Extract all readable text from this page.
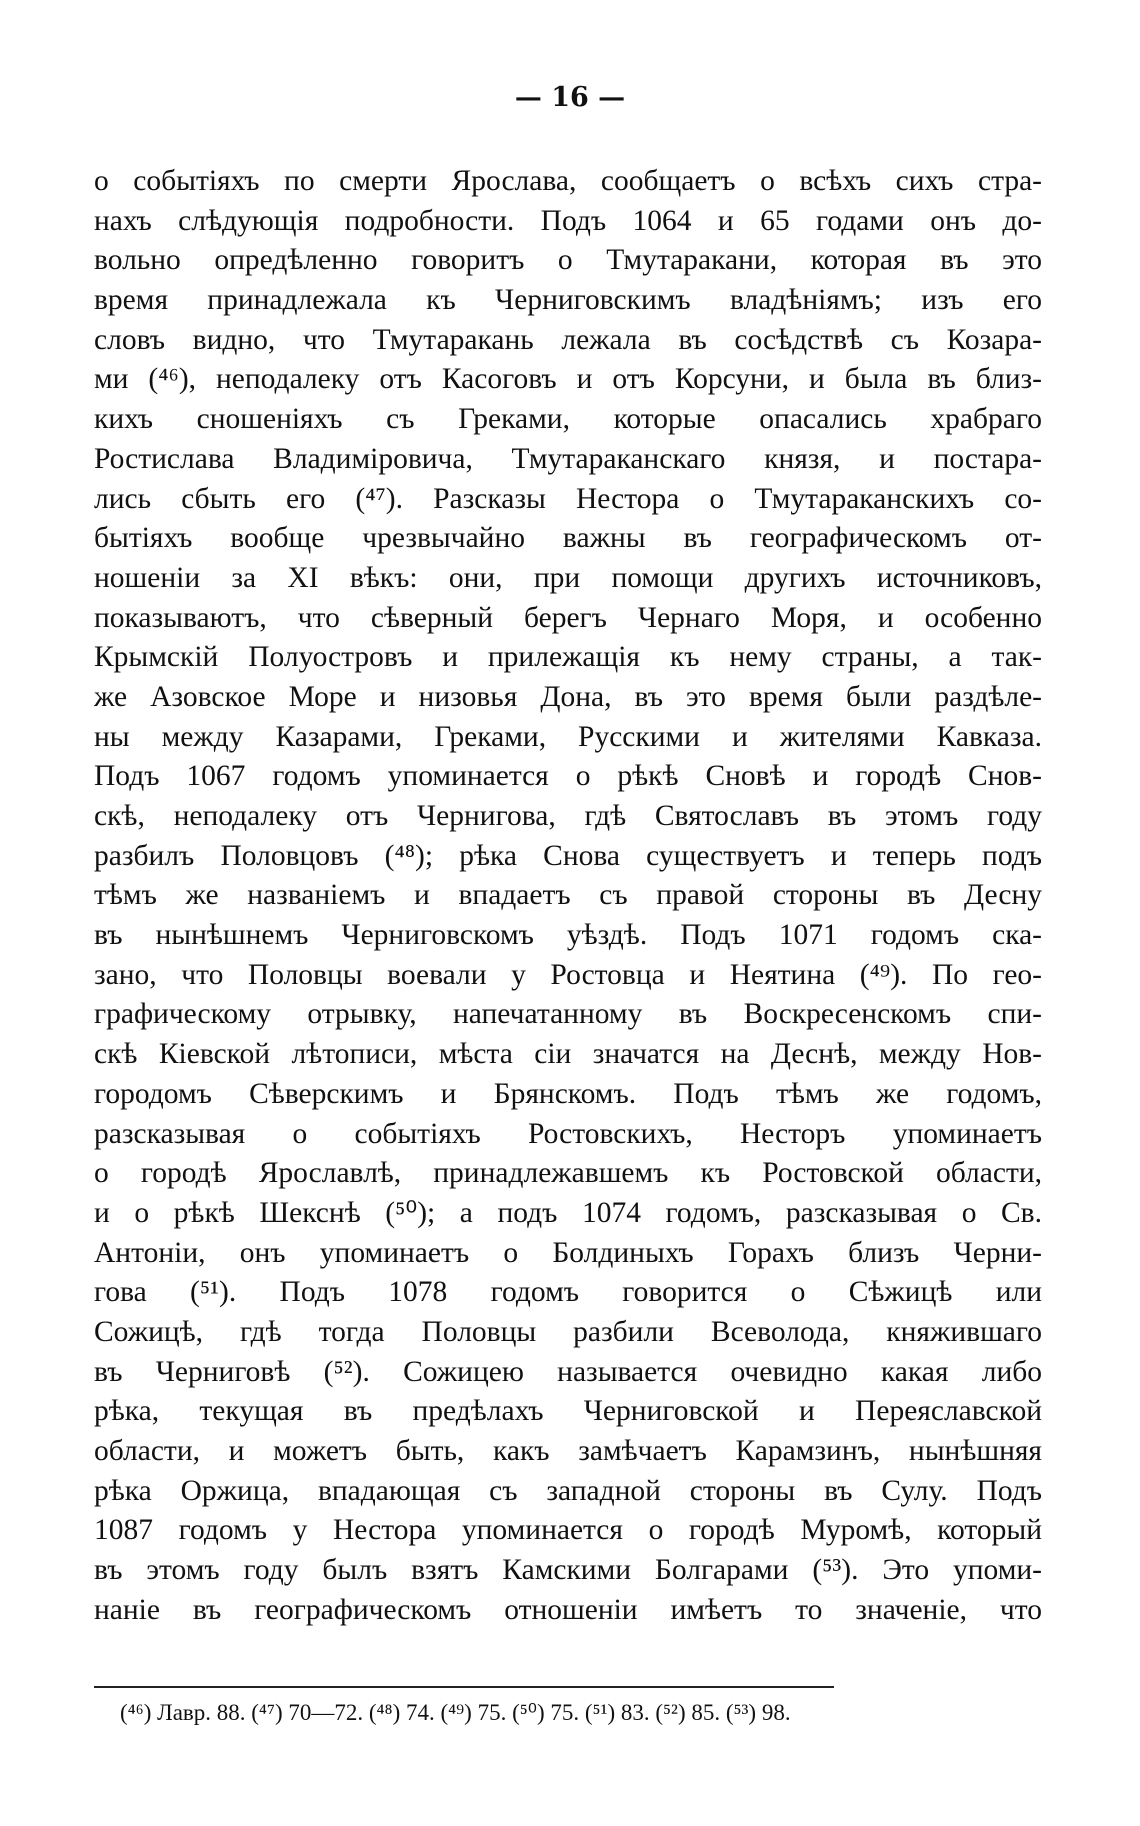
— 16 —
о событiяхъ по смерти Ярослава, сообщаетъ о всѣхъ сихъ стра-
нахъ слѣдующiя подробности. Подъ 1064 и 65 годами онъ до-
вольно опредѣленно говоритъ о Тмутаракани, которая въ это
время принадлежала къ Черниговскимъ владѣнiямъ; изъ его
словъ видно, что Тмутаракань лежала въ сосѣдствѣ съ Козара-
ми (⁴⁶), неподалеку отъ Касоговъ и отъ Корсуни, и была въ близ-
кихъ сношенiяхъ съ Греками, которые опасались храбраго
Ростислава Владимiровича, Тмутараканскаго князя, и постара-
лись сбыть его (⁴⁷). Разсказы Нестора о Тмутараканскихъ со-
бытiяхъ вообще чрезвычайно важны въ географическомъ от-
ношенiи за XI вѣкъ: они, при помощи другихъ источниковъ,
показываютъ, что сѣверный берегъ Чернаго Моря, и особенно
Крымскiй Полуостровъ и прилежащiя къ нему страны, а так-
же Азовское Море и низовья Дона, въ это время были раздѣле-
ны между Казарами, Греками, Русскими и жителями Кавказа.
Подъ 1067 годомъ упоминается о рѣкѣ Сновѣ и городѣ Снов-
скѣ, неподалеку отъ Чернигова, гдѣ Святославъ въ этомъ году
разбилъ Половцовъ (⁴⁸); рѣка Снова существуетъ и теперь подъ
тѣмъ же названiемъ и впадаетъ съ правой стороны въ Десну
въ нынѣшнемъ Черниговскомъ уѣздѣ. Подъ 1071 годомъ ска-
зано, что Половцы воевали у Ростовца и Неятина (⁴⁹). По гео-
графическому отрывку, напечатанному въ Воскресенскомъ спи-
скѣ Кiевской лѣтописи, мѣста сiи значатся на Деснѣ, между Нов-
городомъ Сѣверскимъ и Брянскомъ. Подъ тѣмъ же годомъ,
разсказывая о событiяхъ Ростовскихъ, Несторъ упоминаетъ
о городѣ Ярославлѣ, принадлежавшемъ къ Ростовской области,
и о рѣкѣ Шекснѣ (⁵⁰); а подъ 1074 годомъ, разсказывая о Св.
Антонiи, онъ упоминаетъ о Болдиныхъ Горахъ близъ Черни-
гова (⁵¹). Подъ 1078 годомъ говорится о Сѣжицѣ или
Сожицѣ, гдѣ тогда Половцы разбили Всеволода, княжившаго
въ Черниговѣ (⁵²). Сожицею называется очевидно какая либо
рѣка, текущая въ предѣлахъ Черниговской и Переяславской
области, и можетъ быть, какъ замѣчаетъ Карамзинъ, нынѣшняя
рѣка Оржица, впадающая съ западной стороны въ Сулу. Подъ
1087 годомъ у Нестора упоминается о городѣ Муромѣ, который
въ этомъ году былъ взятъ Камскими Болгарами (⁵³). Это упоми-
нанiе въ географическомъ отношенiи имѣетъ то значенiе, что
(⁴⁶) Лавр. 88. (⁴⁷) 70—72. (⁴⁸) 74. (⁴⁹) 75. (⁵⁰) 75. (⁵¹) 83. (⁵²) 85. (⁵³) 98.
